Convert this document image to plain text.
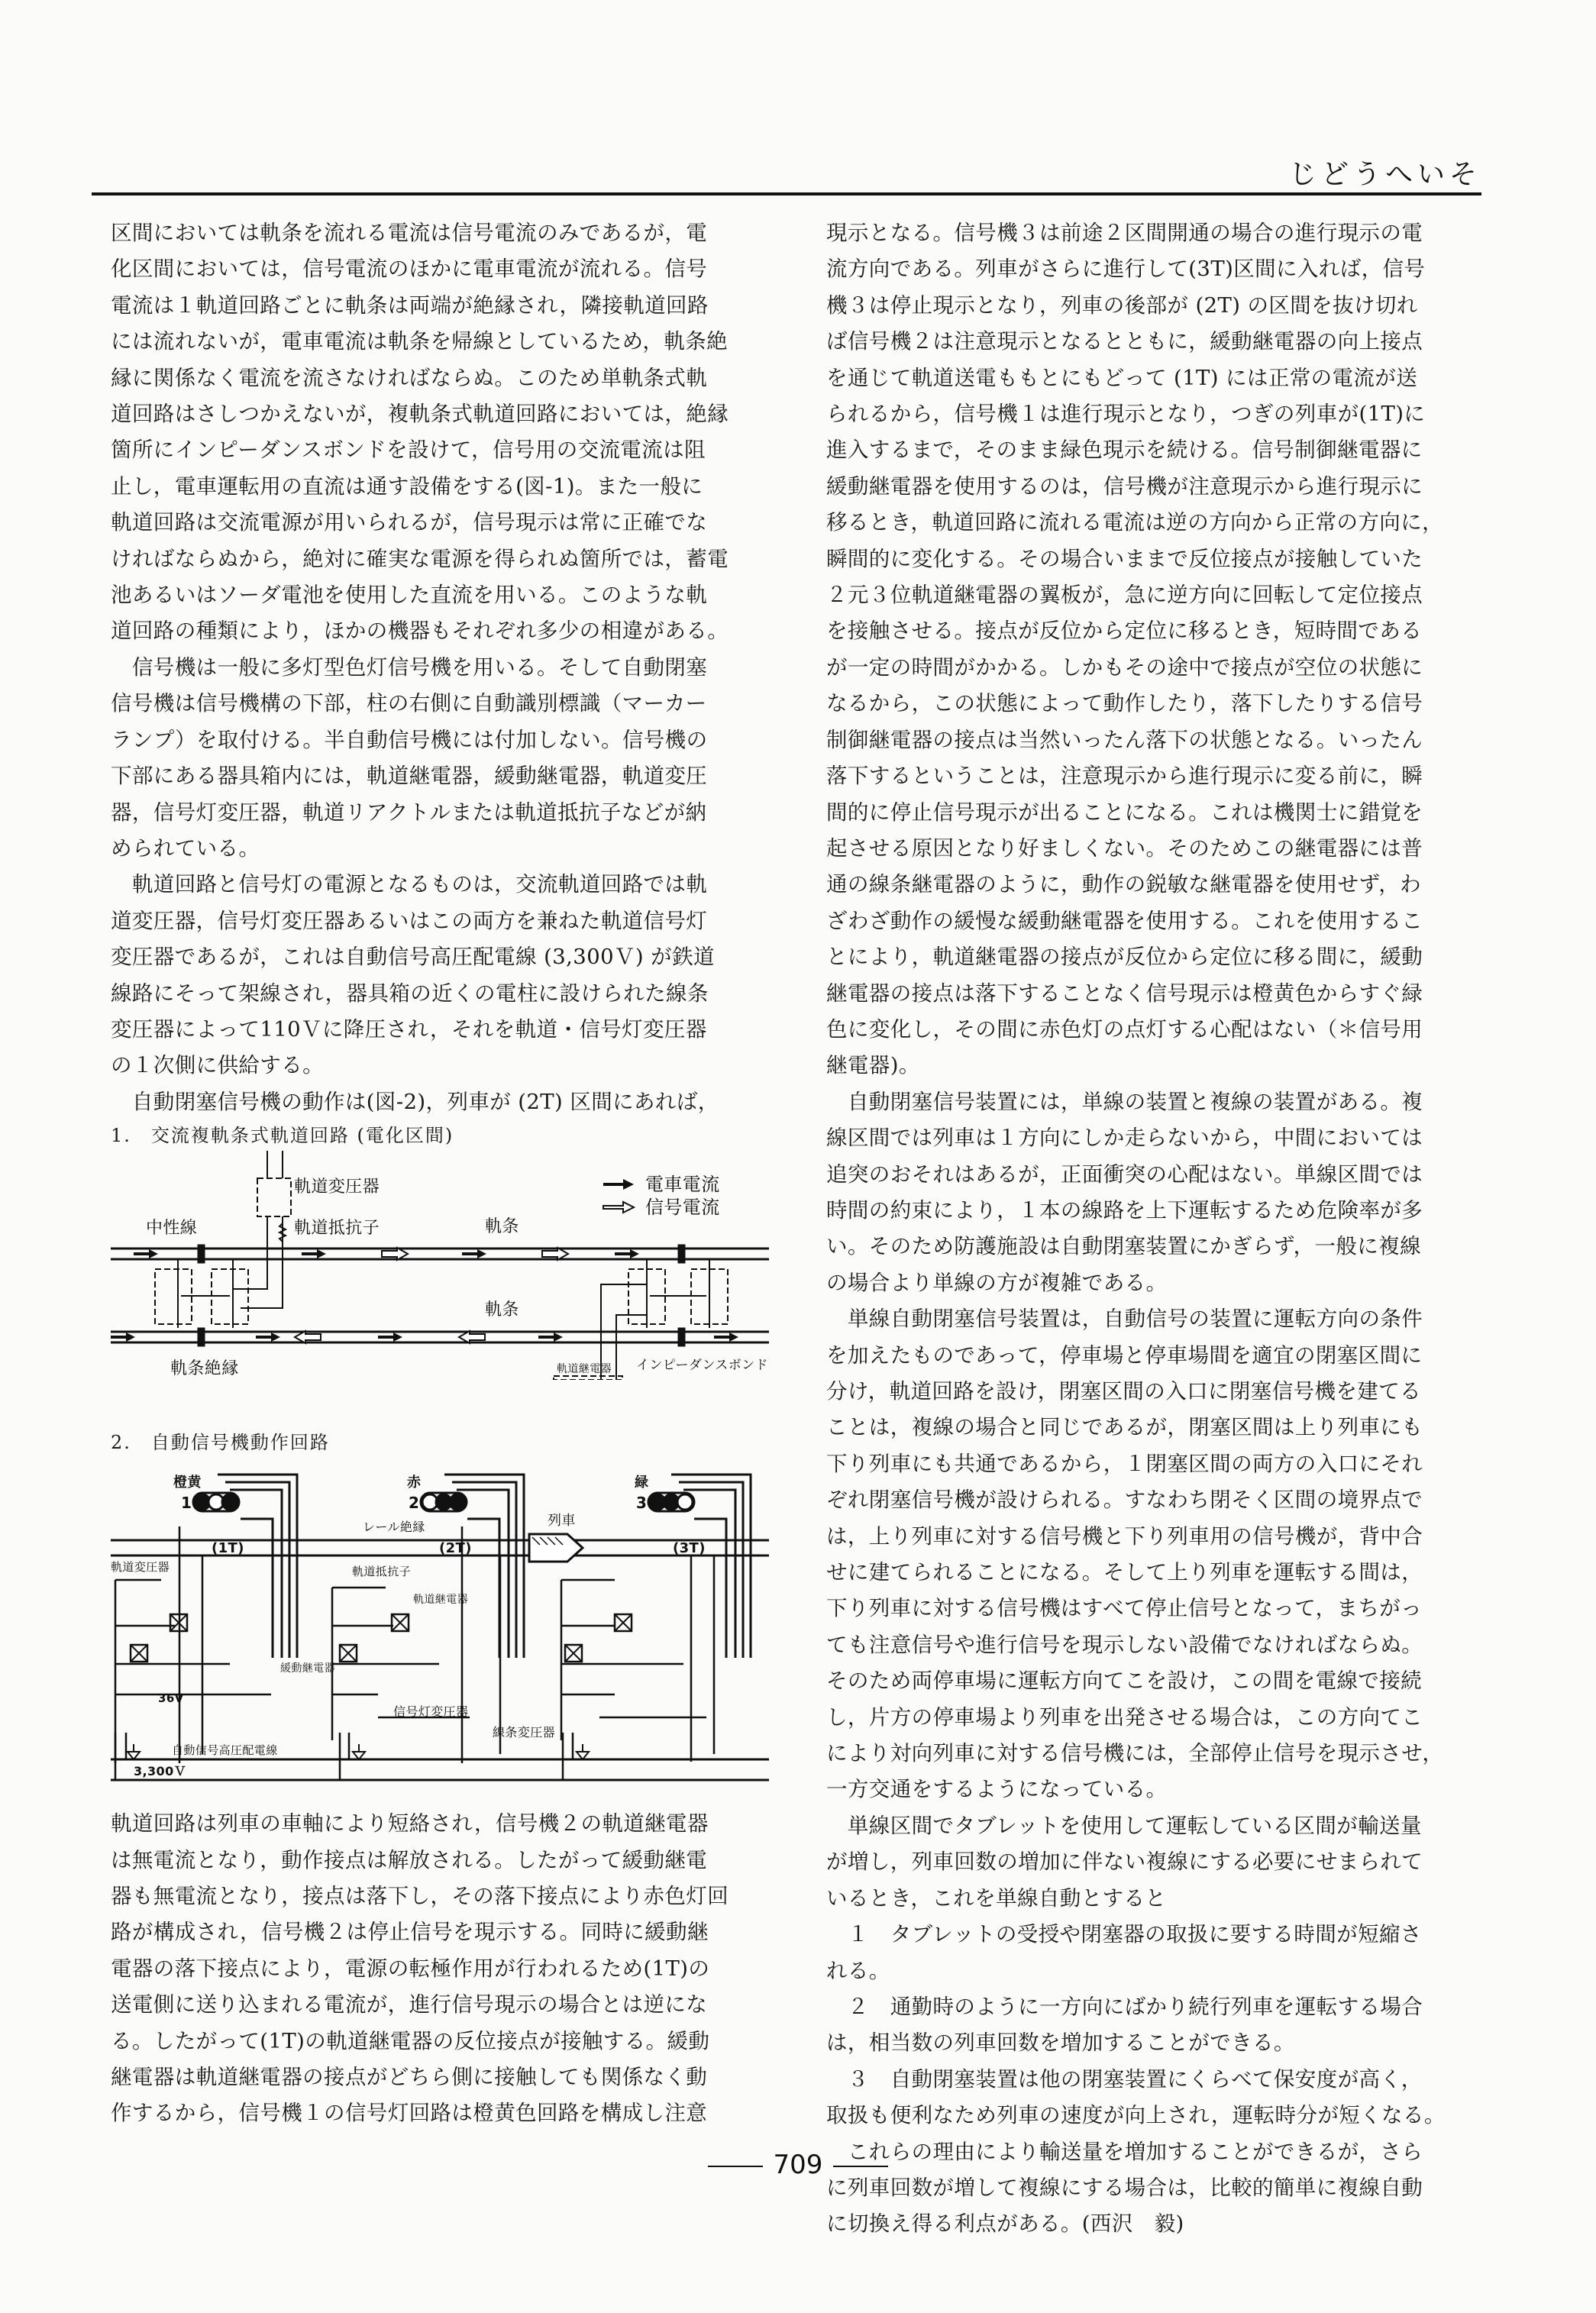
じどうへいそ
区間においては軌条を流れる電流は信号電流のみであるが，電
化区間においては，信号電流のほかに電車電流が流れる。信号
電流は１軌道回路ごとに軌条は両端が絶縁され，隣接軌道回路
には流れないが，電車電流は軌条を帰線としているため，軌条絶
縁に関係なく電流を流さなければならぬ。このため単軌条式軌
道回路はさしつかえないが，複軌条式軌道回路においては，絶縁
箇所にインピーダンスボンドを設けて，信号用の交流電流は阻
止し，電車運転用の直流は通す設備をする(図-1)。また一般に
軌道回路は交流電源が用いられるが，信号現示は常に正確でな
ければならぬから，絶対に確実な電源を得られぬ箇所では，蓄電
池あるいはソーダ電池を使用した直流を用いる。このような軌
道回路の種類により，ほかの機器もそれぞれ多少の相違がある。
　信号機は一般に多灯型色灯信号機を用いる。そして自動閉塞
信号機は信号機構の下部，柱の右側に自動識別標識（マーカー
ランプ）を取付ける。半自動信号機には付加しない。信号機の
下部にある器具箱内には，軌道継電器，緩動継電器，軌道変圧
器，信号灯変圧器，軌道リアクトルまたは軌道抵抗子などが納
められている。
　軌道回路と信号灯の電源となるものは，交流軌道回路では軌
道変圧器，信号灯変圧器あるいはこの両方を兼ねた軌道信号灯
変圧器であるが，これは自動信号高圧配電線 (3,300Ｖ) が鉄道
線路にそって架線され，器具箱の近くの電柱に設けられた線条
変圧器によって110Ｖに降圧され，それを軌道・信号灯変圧器
の１次側に供給する。
　自動閉塞信号機の動作は(図-2)，列車が (2T) 区間にあれば，

1.　交流複軌条式軌道回路 (電化区間)

電車電流
信号電流
軌道変圧器
軌道抵抗子
中性線	軌条
軌条
軌条絶縁	インピーダンスボンド
軌道継電器

2.　自動信号機動作回路

1
橙黄
2
赤
3
緑
(1T)	(2T)	(3T)
レール絶縁	列車
軌道変圧器	軌道抵抗子
軌道継電器
緩動継電器
信号灯変圧器
線条変圧器
自動信号高圧配電線
3,300Ｖ
36V
軌道回路は列車の車軸により短絡され，信号機２の軌道継電器
は無電流となり，動作接点は解放される。したがって緩動継電
器も無電流となり，接点は落下し，その落下接点により赤色灯回
路が構成され，信号機２は停止信号を現示する。同時に緩動継
電器の落下接点により，電源の転極作用が行われるため(1T)の
送電側に送り込まれる電流が，進行信号現示の場合とは逆にな
る。したがって(1T)の軌道継電器の反位接点が接触する。緩動
継電器は軌道継電器の接点がどちら側に接触しても関係なく動
作するから，信号機１の信号灯回路は橙黄色回路を構成し注意
現示となる。信号機３は前途２区間開通の場合の進行現示の電
流方向である。列車がさらに進行して(3T)区間に入れば，信号
機３は停止現示となり，列車の後部が (2T) の区間を抜け切れ
ば信号機２は注意現示となるとともに，緩動継電器の向上接点
を通じて軌道送電ももとにもどって (1T) には正常の電流が送
られるから，信号機１は進行現示となり，つぎの列車が(1T)に
進入するまで，そのまま緑色現示を続ける。信号制御継電器に
緩動継電器を使用するのは，信号機が注意現示から進行現示に
移るとき，軌道回路に流れる電流は逆の方向から正常の方向に，
瞬間的に変化する。その場合いままで反位接点が接触していた
２元３位軌道継電器の翼板が，急に逆方向に回転して定位接点
を接触させる。接点が反位から定位に移るとき，短時間である
が一定の時間がかかる。しかもその途中で接点が空位の状態に
なるから，この状態によって動作したり，落下したりする信号
制御継電器の接点は当然いったん落下の状態となる。いったん
落下するということは，注意現示から進行現示に変る前に，瞬
間的に停止信号現示が出ることになる。これは機関士に錯覚を
起させる原因となり好ましくない。そのためこの継電器には普
通の線条継電器のように，動作の鋭敏な継電器を使用せず，わ
ざわざ動作の緩慢な緩動継電器を使用する。これを使用するこ
とにより，軌道継電器の接点が反位から定位に移る間に，緩動
継電器の接点は落下することなく信号現示は橙黄色からすぐ緑
色に変化し，その間に赤色灯の点灯する心配はない（＊信号用
継電器)。
　自動閉塞信号装置には，単線の装置と複線の装置がある。複
線区間では列車は１方向にしか走らないから，中間においては
追突のおそれはあるが，正面衝突の心配はない。単線区間では
時間の約束により，１本の線路を上下運転するため危険率が多
い。そのため防護施設は自動閉塞装置にかぎらず，一般に複線
の場合より単線の方が複雑である。
　単線自動閉塞信号装置は，自動信号の装置に運転方向の条件
を加えたものであって，停車場と停車場間を適宜の閉塞区間に
分け，軌道回路を設け，閉塞区間の入口に閉塞信号機を建てる
ことは，複線の場合と同じであるが，閉塞区間は上り列車にも
下り列車にも共通であるから，１閉塞区間の両方の入口にそれ
ぞれ閉塞信号機が設けられる。すなわち閉そく区間の境界点で
は，上り列車に対する信号機と下り列車用の信号機が，背中合
せに建てられることになる。そして上り列車を運転する間は，
下り列車に対する信号機はすべて停止信号となって，まちがっ
ても注意信号や進行信号を現示しない設備でなければならぬ。
そのため両停車場に運転方向てこを設け，この間を電線で接続
し，片方の停車場より列車を出発させる場合は，この方向てこ
により対向列車に対する信号機には，全部停止信号を現示させ，
一方交通をするようになっている。
　単線区間でタブレットを使用して運転している区間が輸送量
が増し，列車回数の増加に伴ない複線にする必要にせまられて
いるとき，これを単線自動とすると
　１　タブレットの受授や閉塞器の取扱に要する時間が短縮さ
れる。
　２　通勤時のように一方向にばかり続行列車を運転する場合
は，相当数の列車回数を増加することができる。
　３　自動閉塞装置は他の閉塞装置にくらべて保安度が高く，
取扱も便利なため列車の速度が向上され，運転時分が短くなる。
　これらの理由により輸送量を増加することができるが，さら
に列車回数が増して複線にする場合は，比較的簡単に複線自動
に切換え得る利点がある。(西沢　毅)
709
